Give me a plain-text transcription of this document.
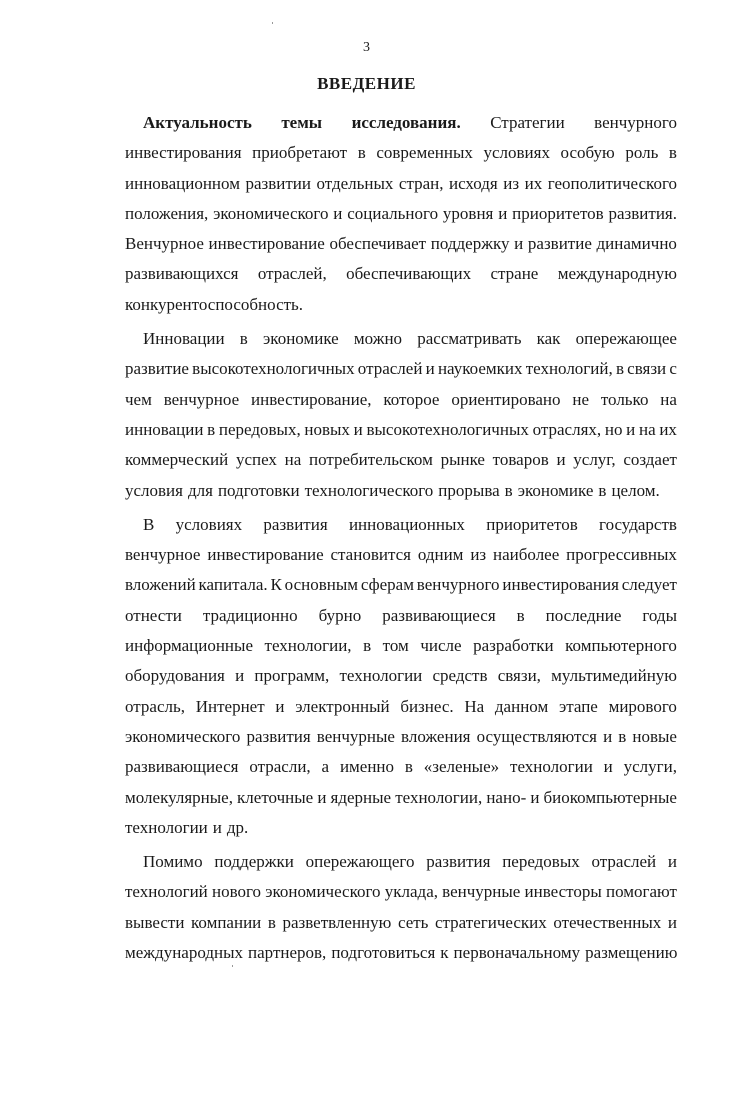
3
ВВЕДЕНИЕ
Актуальность темы исследования. Стратегии венчурного
инвестирования приобретают в современных условиях особую роль в
инновационном развитии отдельных стран, исходя из их геополитического
положения, экономического и социального уровня и приоритетов развития.
Венчурное инвестирование обеспечивает поддержку и развитие динамично
развивающихся отраслей, обеспечивающих стране международную
конкурентоспособность.
Инновации в экономике можно рассматривать как опережающее
развитие высокотехнологичных отраслей и наукоемких технологий, в связи с
чем венчурное инвестирование, которое ориентировано не только на
инновации в передовых, новых и высокотехнологичных отраслях, но и на их
коммерческий успех на потребительском рынке товаров и услуг, создает
условия для подготовки технологического прорыва в экономике в целом.
В условиях развития инновационных приоритетов государств
венчурное инвестирование становится одним из наиболее прогрессивных
вложений капитала. К основным сферам венчурного инвестирования следует
отнести традиционно бурно развивающиеся в последние годы
информационные технологии, в том числе разработки компьютерного
оборудования и программ, технологии средств связи, мультимедийную
отрасль, Интернет и электронный бизнес. На данном этапе мирового
экономического развития венчурные вложения осуществляются и в новые
развивающиеся отрасли, а именно в «зеленые» технологии и услуги,
молекулярные, клеточные и ядерные технологии, нано- и биокомпьютерные
технологии и др.
Помимо поддержки опережающего развития передовых отраслей и
технологий нового экономического уклада, венчурные инвесторы помогают
вывести компании в разветвленную сеть стратегических отечественных и
международных партнеров, подготовиться к первоначальному размещению
